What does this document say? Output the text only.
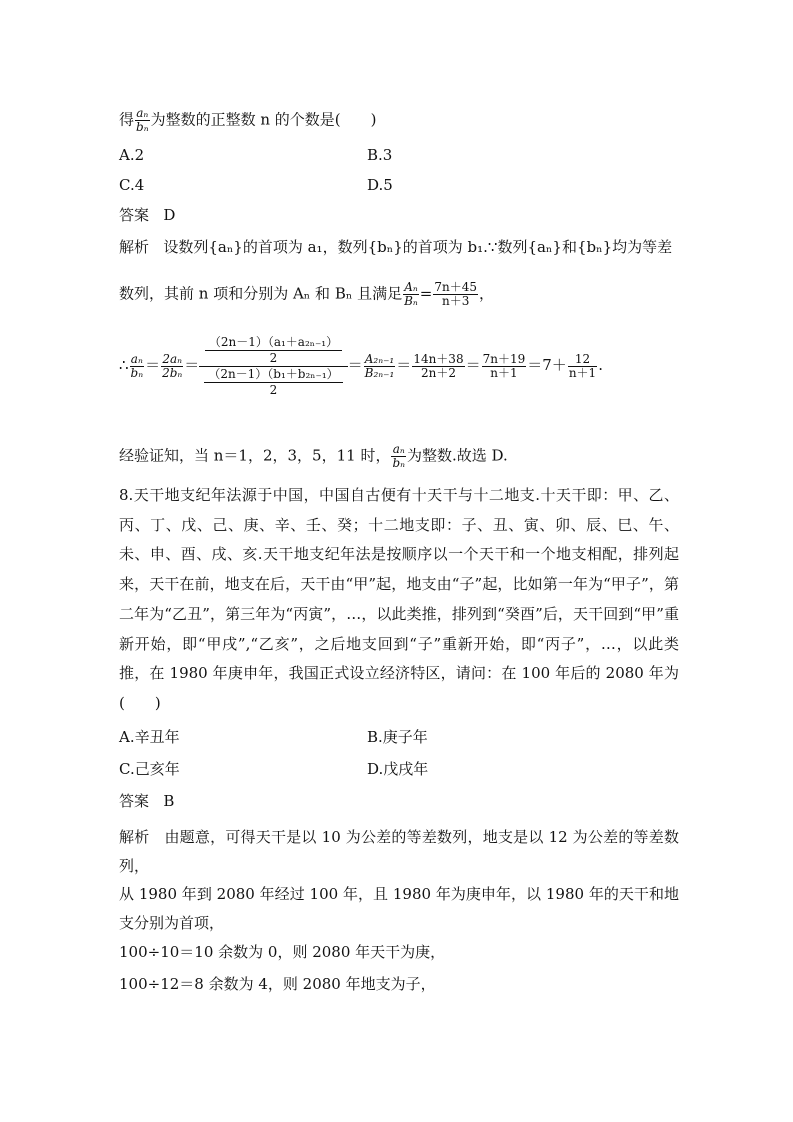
得 $\frac{\text{aₙ}}{\text{bₙ}}$ 为整数的正整数 n 的个数是(　　)
A.2	B.3
C.4	D.5
答案 D
解析 设数列{aₙ}的首项为 a₁，数列{bₙ}的首项为 b₁.∵数列{aₙ}和{bₙ}均为等差
数列，其前 n 项和分别为 Aₙ 和 Bₙ 且满足 $\frac{\text{Aₙ}}{\text{Bₙ}} = \frac{7n+45}{n+3}$ ，
∴ $\frac{\text{aₙ}}{\text{bₙ}} = \frac{\text{2aₙ}}{\text{2bₙ}} = \frac{\frac{\text{（2n－1）（a₁＋a₂ₙ₋₁）}}{2}}{\frac{\text{（2n－1）（b₁＋b₂ₙ₋₁）}}{2}} = \frac{\text{A₂ₙ₋₁}}{\text{B₂ₙ₋₁}} = \frac{14n+38}{2n+2} = \frac{7n+19}{n+1} =7+ \frac{12}{n+1}$ .
经验证知，当 n＝1，2，3，5，11 时， $\frac{\text{aₙ}}{\text{bₙ}}$ 为整数.故选 D.
8.天干地支纪年法源于中国，中国自古便有十天干与十二地支.十天干即：甲、乙、丙、丁、戊、己、庚、辛、壬、癸；十二地支即：子、丑、寅、卯、辰、巳、午、未、申、酉、戌、亥.天干地支纪年法是按顺序以一个天干和一个地支相配，排列起来，天干在前，地支在后，天干由“甲”起，地支由“子”起，比如第一年为“甲子”，第二年为“乙丑”，第三年为“丙寅”，…，以此类推，排列到“癸酉”后，天干回到“甲”重新开始，即“甲戌”,“乙亥”，之后地支回到“子”重新开始，即“丙子”，…，以此类推，在 1980 年庚申年，我国正式设立经济特区，请问：在 100 年后的 2080 年为(　　)
A.辛丑年	B.庚子年
C.己亥年	D.戊戌年
答案 B
解析 由题意，可得天干是以 10 为公差的等差数列，地支是以 12 为公差的等差数列，
从 1980 年到 2080 年经过 100 年，且 1980 年为庚申年，以 1980 年的天干和地支分别为首项，
100÷10＝10 余数为 0，则 2080 年天干为庚，
100÷12＝8 余数为 4，则 2080 年地支为子，
